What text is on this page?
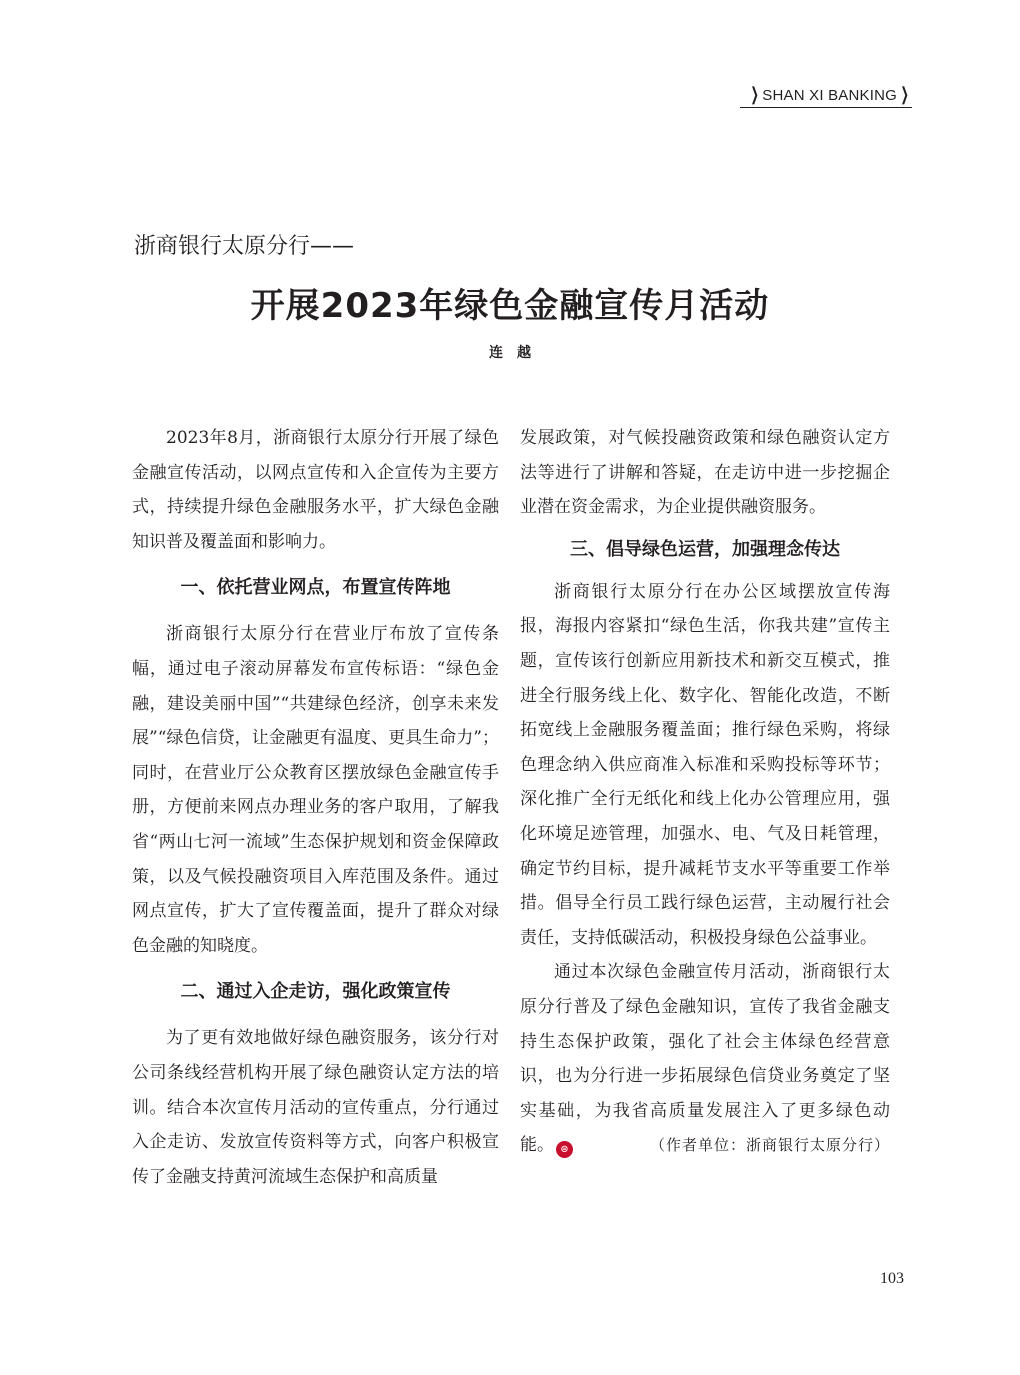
❯ SHAN XI BANKING ❯
浙商银行太原分行——
开展2023年绿色金融宣传月活动
连越

2023年8月，浙商银行太原分行开展了绿色金融宣传活动，以网点宣传和入企宣传为主要方式，持续提升绿色金融服务水平，扩大绿色金融知识普及覆盖面和影响力。

一、依托营业网点，布置宣传阵地

浙商银行太原分行在营业厅布放了宣传条幅，通过电子滚动屏幕发布宣传标语：“绿色金融，建设美丽中国”“共建绿色经济，创享未来发展”“绿色信贷，让金融更有温度、更具生命力”；同时，在营业厅公众教育区摆放绿色金融宣传手册，方便前来网点办理业务的客户取用，了解我省“两山七河一流域”生态保护规划和资金保障政策，以及气候投融资项目入库范围及条件。通过网点宣传，扩大了宣传覆盖面，提升了群众对绿色金融的知晓度。

二、通过入企走访，强化政策宣传

为了更有效地做好绿色融资服务，该分行对公司条线经营机构开展了绿色融资认定方法的培训。结合本次宣传月活动的宣传重点，分行通过入企走访、发放宣传资料等方式，向客户积极宣传了金融支持黄河流域生态保护和高质量

发展政策，对气候投融资政策和绿色融资认定方法等进行了讲解和答疑，在走访中进一步挖掘企业潜在资金需求，为企业提供融资服务。

三、倡导绿色运营，加强理念传达

浙商银行太原分行在办公区域摆放宣传海报，海报内容紧扣“绿色生活，你我共建”宣传主题，宣传该行创新应用新技术和新交互模式，推进全行服务线上化、数字化、智能化改造，不断拓宽线上金融服务覆盖面；推行绿色采购，将绿色理念纳入供应商准入标准和采购投标等环节；深化推广全行无纸化和线上化办公管理应用，强化环境足迹管理，加强水、电、气及日耗管理，确定节约目标，提升减耗节支水平等重要工作举措。倡导全行员工践行绿色运营，主动履行社会责任，支持低碳活动，积极投身绿色公益事业。

通过本次绿色金融宣传月活动，浙商银行太原分行普及了绿色金融知识，宣传了我省金融支持生态保护政策，强化了社会主体绿色经营意识，也为分行进一步拓展绿色信贷业务奠定了坚实基础，为我省高质量发展注入了更多绿色动能。 ⊜	（作者单位：浙商银行太原分行）

103
